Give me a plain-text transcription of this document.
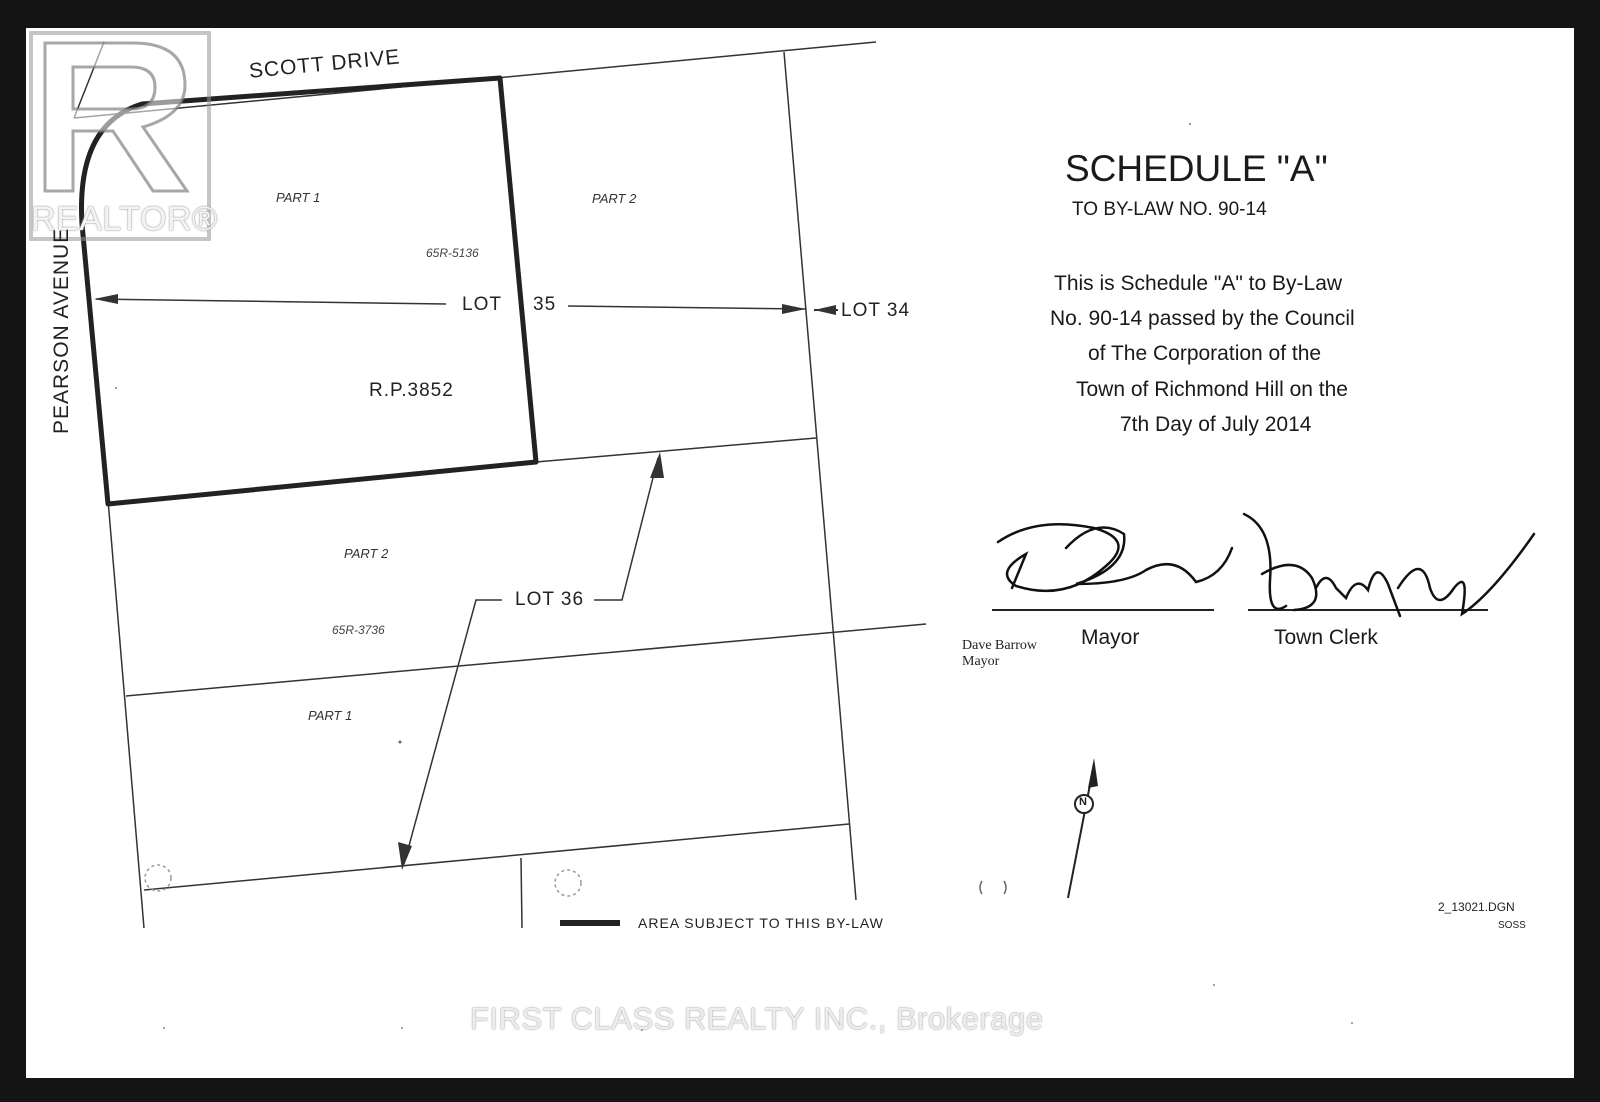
REALTOR®
SCOTT DRIVE
PEARSON AVENUE
PART 1	PART 2
65R-5136
PART 2
65R-3736
PART 1
LOT 35	LOT 34
LOT 36
R.P.3852
AREA SUBJECT TO THIS BY-LAW
SCHEDULE "A"
TO BY-LAW NO. 90-14
This is Schedule "A" to By-Law
No. 90-14 passed by the Council
of The Corporation of the
Town of Richmond Hill on the
7th Day of July 2014
Mayor	Town Clerk
Dave Barrow
Mayor
N
2_13021.DGN
SOSS
FIRST CLASS REALTY INC., Brokerage
